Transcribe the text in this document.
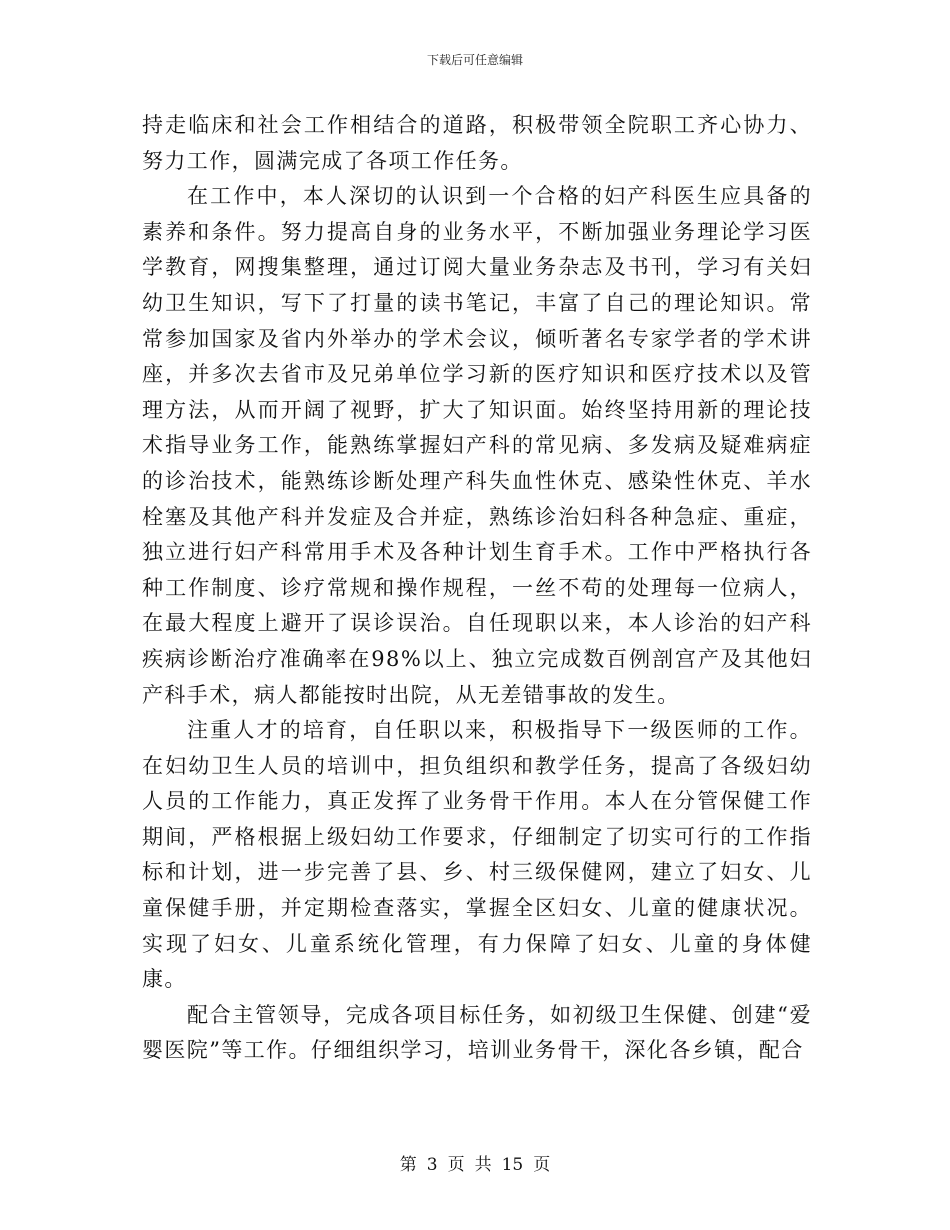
下载后可任意编辑

持走临床和社会工作相结合的道路，积极带领全院职工齐心协力、努力工作，圆满完成了各项工作任务。

在工作中，本人深切的认识到一个合格的妇产科医生应具备的素养和条件。努力提高自身的业务水平，不断加强业务理论学习医学教育，网搜集整理，通过订阅大量业务杂志及书刊，学习有关妇幼卫生知识，写下了打量的读书笔记，丰富了自己的理论知识。常常参加国家及省内外举办的学术会议，倾听著名专家学者的学术讲座，并多次去省市及兄弟单位学习新的医疗知识和医疗技术以及管理方法，从而开阔了视野，扩大了知识面。始终坚持用新的理论技术指导业务工作，能熟练掌握妇产科的常见病、多发病及疑难病症的诊治技术，能熟练诊断处理产科失血性休克、感染性休克、羊水栓塞及其他产科并发症及合并症，熟练诊治妇科各种急症、重症，独立进行妇产科常用手术及各种计划生育手术。工作中严格执行各种工作制度、诊疗常规和操作规程，一丝不苟的处理每一位病人，在最大程度上避开了误诊误治。自任现职以来，本人诊治的妇产科疾病诊断治疗准确率在98%以上、独立完成数百例剖宫产及其他妇产科手术，病人都能按时出院，从无差错事故的发生。

注重人才的培育，自任职以来，积极指导下一级医师的工作。在妇幼卫生人员的培训中，担负组织和教学任务，提高了各级妇幼人员的工作能力，真正发挥了业务骨干作用。本人在分管保健工作期间，严格根据上级妇幼工作要求，仔细制定了切实可行的工作指标和计划，进一步完善了县、乡、村三级保健网，建立了妇女、儿童保健手册，并定期检查落实，掌握全区妇女、儿童的健康状况。实现了妇女、儿童系统化管理，有力保障了妇女、儿童的身体健康。

配合主管领导，完成各项目标任务，如初级卫生保健、创建“爱婴医院”等工作。仔细组织学习，培训业务骨干，深化各乡镇，配合

第 3 页 共 15 页
